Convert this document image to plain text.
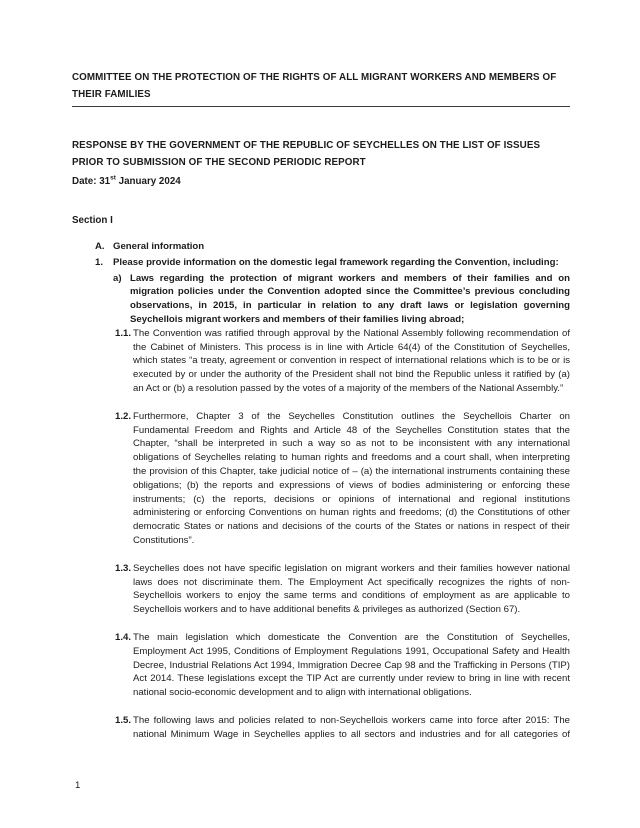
COMMITTEE ON THE PROTECTION OF THE RIGHTS OF ALL MIGRANT WORKERS AND MEMBERS OF THEIR FAMILIES
RESPONSE BY THE GOVERNMENT OF THE REPUBLIC OF SEYCHELLES ON THE LIST OF ISSUES PRIOR TO SUBMISSION OF THE SECOND PERIODIC REPORT
Date: 31st January 2024
Section I
A. General information
1.	Please provide information on the domestic legal framework regarding the Convention, including:
a) Laws regarding the protection of migrant workers and members of their families and on migration policies under the Convention adopted since the Committee’s previous concluding observations, in 2015, in particular in relation to any draft laws or legislation governing Seychellois migrant workers and members of their families living abroad;
1.1. The Convention was ratified through approval by the National Assembly following recommendation of the Cabinet of Ministers. This process is in line with Article 64(4) of the Constitution of Seychelles, which states “a treaty, agreement or convention in respect of international relations which is to be or is executed by or under the authority of the President shall not bind the Republic unless it ratified by (a) an Act or (b) a resolution passed by the votes of a majority of the members of the National Assembly.”
1.2. Furthermore, Chapter 3 of the Seychelles Constitution outlines the Seychellois Charter on Fundamental Freedom and Rights and Article 48 of the Seychelles Constitution states that the Chapter, “shall be interpreted in such a way so as not to be inconsistent with any international obligations of Seychelles relating to human rights and freedoms and a court shall, when interpreting the provision of this Chapter, take judicial notice of – (a) the international instruments containing these obligations; (b) the reports and expressions of views of bodies administering or enforcing these instruments; (c) the reports, decisions or opinions of international and regional institutions administering or enforcing Conventions on human rights and freedoms; (d) the Constitutions of other democratic States or nations and decisions of the courts of the States or nations in respect of their Constitutions”.
1.3. Seychelles does not have specific legislation on migrant workers and their families however national laws does not discriminate them. The Employment Act specifically recognizes the rights of non-Seychellois workers to enjoy the same terms and conditions of employment as are applicable to Seychellois workers and to have additional benefits & privileges as authorized (Section 67).
1.4. The main legislation which domesticate the Convention are the Constitution of Seychelles, Employment Act 1995, Conditions of Employment Regulations 1991, Occupational Safety and Health Decree, Industrial Relations Act 1994, Immigration Decree Cap 98 and the Trafficking in Persons (TIP) Act 2014. These legislations except the TIP Act are currently under review to bring in line with recent national socio-economic development and to align with international obligations.
1.5. The following laws and policies related to non-Seychellois workers came into force after 2015: The national Minimum Wage in Seychelles applies to all sectors and industries and for all categories of
1
